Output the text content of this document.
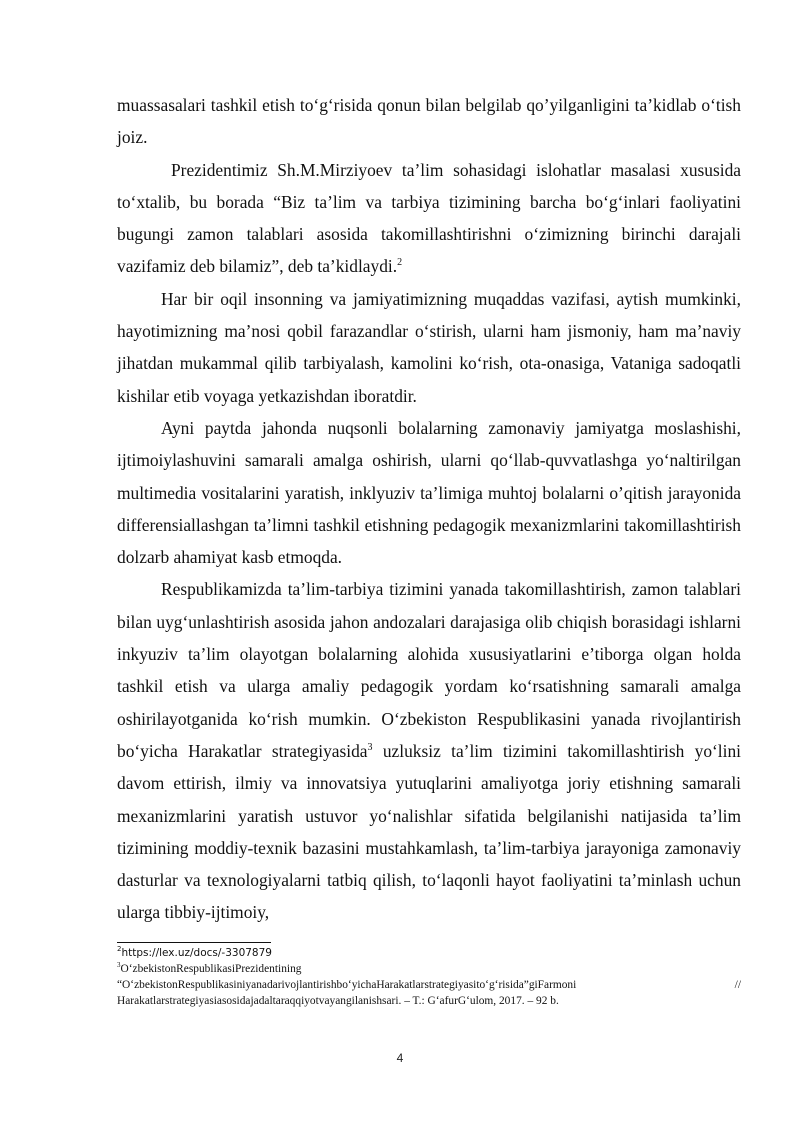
muassasalari tashkil etish to‘g‘risida qonun bilan belgilab qo’yilganligini ta’kidlab o‘tish joiz.

Prezidentimiz Sh.M.Mirziyoev ta’lim sohasidagi islohatlar masalasi xususida to‘xtalib, bu borada “Biz ta’lim va tarbiya tizimining barcha bo‘g‘inlari faoliyatini bugungi zamon talablari asosida takomillashtirishni o‘zimizning birinchi darajali vazifamiz deb bilamiz”, deb ta’kidlaydi.$^2$

Har bir oqil insonning va jamiyatimizning muqaddas vazifasi, aytish mumkinki, hayotimizning ma’nosi qobil farazandlar o‘stirish, ularni ham jismoniy, ham ma’naviy jihatdan mukammal qilib tarbiyalash, kamolini ko‘rish, ota-onasiga, Vataniga sadoqatli kishilar etib voyaga yetkazishdan iboratdir.

Ayni paytda jahonda nuqsonli bolalarning zamonaviy jamiyatga moslashishi, ijtimoiylashuvini samarali amalga oshirish, ularni qo‘llab-quvvatlashga yo‘naltirilgan multimedia vositalarini yaratish, inklyuziv ta’limiga muhtoj bolalarni o’qitish jarayonida differensiallashgan ta’limni tashkil etishning pedagogik mexanizmlarini takomillashtirish dolzarb ahamiyat kasb etmoqda.

Respublikamizda ta’lim-tarbiya tizimini yanada takomillashtirish, zamon talablari bilan uyg‘unlashtirish asosida jahon andozalari darajasiga olib chiqish borasidagi ishlarni inkyuziv ta’lim olayotgan bolalarning alohida xususiyatlarini e’tiborga olgan holda tashkil etish va ularga amaliy pedagogik yordam ko‘rsatishning samarali amalga oshirilayotganida ko‘rish mumkin. O‘zbekiston Respublikasini yanada rivojlantirish bo‘yicha Harakatlar strategiyasida$^3$ uzluksiz ta’lim tizimini takomillashtirish yo‘lini davom ettirish, ilmiy va innovatsiya yutuqlarini amaliyotga joriy etishning samarali mexanizmlarini yaratish ustuvor yo‘nalishlar sifatida belgilanishi natijasida ta’lim tizimining moddiy-texnik bazasini mustahkamlash, ta’lim-tarbiya jarayoniga zamonaviy dasturlar va texnologiyalarni tatbiq qilish, to‘laqonli hayot faoliyatini ta’minlash uchun ularga tibbiy-ijtimoiy,

$^2$https://lex.uz/docs/-3307879

$^3$O‘zbekistonRespublikasiPrezidentining

“O‘zbekistonRespublikasiniyanadarivojlantirishbo‘yichaHarakatlarstrategiyasito‘g‘risida”giFarmoni	//

Harakatlarstrategiyasiasosidajadaltaraqqiyotvayangilanishsari. – T.: G‘afurG‘ulom, 2017. – 92 b.

4
